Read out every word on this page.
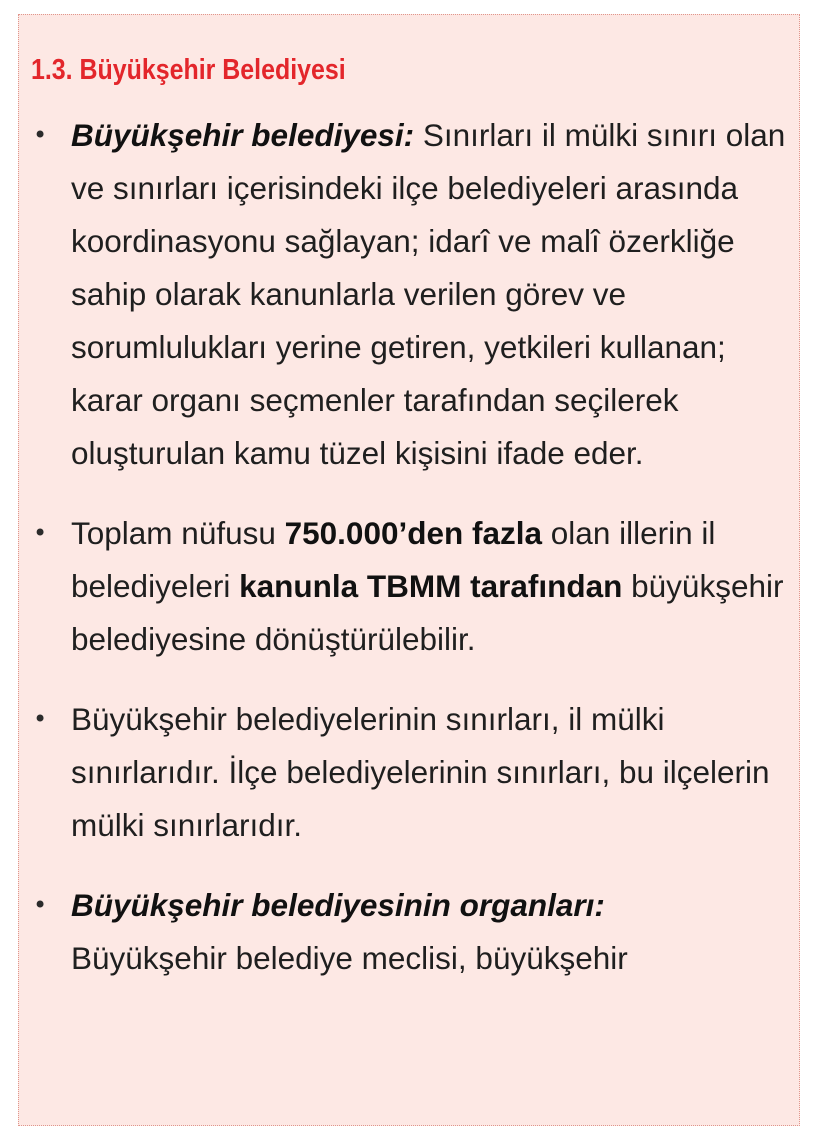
1.3. Büyükşehir Belediyesi
• Büyükşehir belediyesi: Sınırları il mülki sınırı olan ve sınırları içerisindeki ilçe belediyeleri arasında koordinasyonu sağlayan; idarî ve malî özerkliğe sahip olarak kanunlarla verilen görev ve sorumlulukları yerine getiren, yetkileri kullanan; karar organı seçmenler tarafından seçilerek oluşturulan kamu tüzel kişisini ifade eder.
• Toplam nüfusu 750.000’den fazla olan illerin il belediyeleri kanunla TBMM tarafından büyükşehir belediyesine dönüştürülebilir.
• Büyükşehir belediyelerinin sınırları, il mülki sınırlarıdır. İlçe belediyelerinin sınırları, bu ilçelerin mülki sınırlarıdır.
• Büyükşehir belediyesinin organları:
Büyükşehir belediye meclisi, büyükşehir
